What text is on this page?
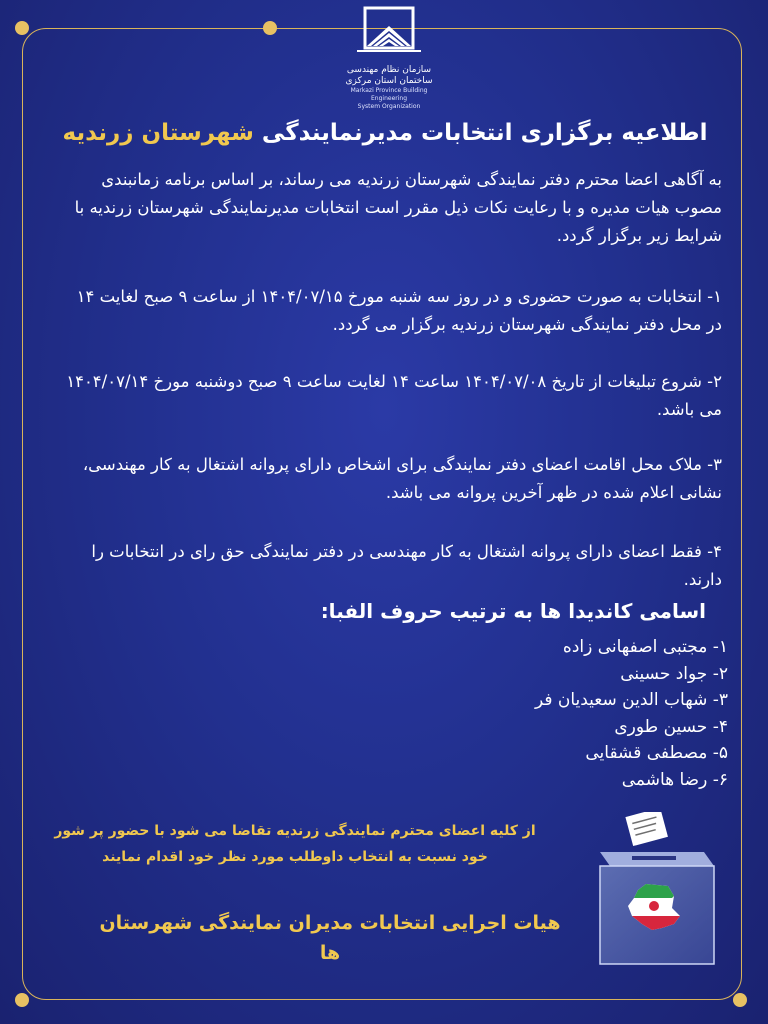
سازمان نظام مهندسی ساختمان استان مرکزی
Markazi Province Building Engineering
System Organization
اطلاعیه برگزاری انتخابات مدیرنمایندگی شهرستان زرندیه
به آگاهی اعضا محترم دفتر نمایندگی شهرستان زرندیه می رساند، بر اساس برنامه زمانبندی مصوب هیات مدیره و با رعایت نکات ذیل مقرر است انتخابات مدیرنمایندگی شهرستان زرندیه با شرایط زیر برگزار گردد.
۱- انتخابات به صورت حضوری و در روز سه شنبه مورخ ۱۴۰۴/۰۷/۱۵ از ساعت ۹ صبح لغایت ۱۴ در محل دفتر نمایندگی شهرستان زرندیه برگزار می گردد.
۲- شروع تبلیغات از تاریخ ۱۴۰۴/۰۷/۰۸ ساعت ۱۴ لغایت ساعت ۹ صبح دوشنبه مورخ ۱۴۰۴/۰۷/۱۴ می باشد.
۳- ملاک محل اقامت اعضای دفتر نمایندگی برای اشخاص دارای پروانه اشتغال به کار مهندسی، نشانی اعلام شده در ظهر آخرین پروانه می باشد.
۴- فقط اعضای دارای پروانه اشتغال به کار مهندسی در دفتر نمایندگی حق رای در انتخابات را دارند.
اسامی کاندیدا ها به ترتیب حروف الفبا:
۱- مجتبی اصفهانی زاده
۲- جواد حسینی
۳- شهاب الدین سعیدیان فر
۴- حسین طوری
۵- مصطفی قشقایی
۶- رضا هاشمی
از کلیه اعضای محترم نمایندگی زرندیه تقاضا می شود با حضور پر شور
خود نسبت به انتخاب داوطلب مورد نظر خود اقدام نمایند
هیات اجرایی انتخابات مدیران نمایندگی شهرستان ها
